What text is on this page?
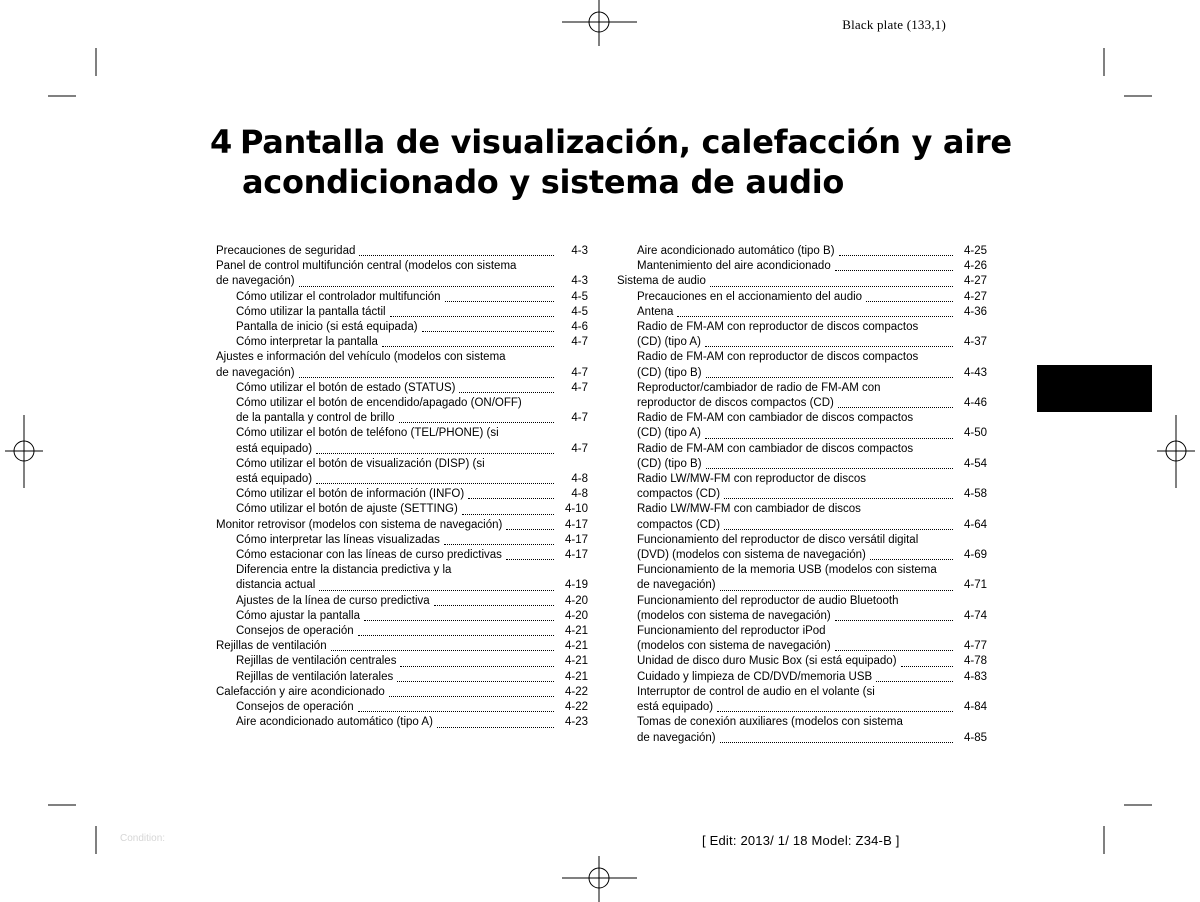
Black plate (133,1)
4 Pantalla de visualización, calefacción y aire
acondicionado y sistema de audio
Precauciones de seguridad	4-3
Panel de control multifunción central (modelos con sistema
de navegación)	4-3
Cómo utilizar el controlador multifunción	4-5
Cómo utilizar la pantalla táctil	4-5
Pantalla de inicio (si está equipada)	4-6
Cómo interpretar la pantalla	4-7
Ajustes e información del vehículo (modelos con sistema
de navegación)	4-7
Cómo utilizar el botón de estado (STATUS)	4-7
Cómo utilizar el botón de encendido/apagado (ON/OFF)
de la pantalla y control de brillo	4-7
Cómo utilizar el botón de teléfono (TEL/PHONE) (si
está equipado)	4-7
Cómo utilizar el botón de visualización (DISP) (si
está equipado)	4-8
Cómo utilizar el botón de información (INFO)	4-8
Cómo utilizar el botón de ajuste (SETTING)	4-10
Monitor retrovisor (modelos con sistema de navegación)	4-17
Cómo interpretar las líneas visualizadas	4-17
Cómo estacionar con las líneas de curso predictivas	4-17
Diferencia entre la distancia predictiva y la
distancia actual	4-19
Ajustes de la línea de curso predictiva	4-20
Cómo ajustar la pantalla	4-20
Consejos de operación	4-21
Rejillas de ventilación	4-21
Rejillas de ventilación centrales	4-21
Rejillas de ventilación laterales	4-21
Calefacción y aire acondicionado	4-22
Consejos de operación	4-22
Aire acondicionado automático (tipo A)	4-23
Aire acondicionado automático (tipo B)	4-25
Mantenimiento del aire acondicionado	4-26
Sistema de audio	4-27
Precauciones en el accionamiento del audio	4-27
Antena	4-36
Radio de FM-AM con reproductor de discos compactos
(CD) (tipo A)	4-37
Radio de FM-AM con reproductor de discos compactos
(CD) (tipo B)	4-43
Reproductor/cambiador de radio de FM-AM con
reproductor de discos compactos (CD)	4-46
Radio de FM-AM con cambiador de discos compactos
(CD) (tipo A)	4-50
Radio de FM-AM con cambiador de discos compactos
(CD) (tipo B)	4-54
Radio LW/MW-FM con reproductor de discos
compactos (CD)	4-58
Radio LW/MW-FM con cambiador de discos
compactos (CD)	4-64
Funcionamiento del reproductor de disco versátil digital
(DVD) (modelos con sistema de navegación)	4-69
Funcionamiento de la memoria USB (modelos con sistema
de navegación)	4-71
Funcionamiento del reproductor de audio Bluetooth
(modelos con sistema de navegación)	4-74
Funcionamiento del reproductor iPod
(modelos con sistema de navegación)	4-77
Unidad de disco duro Music Box (si está equipado)	4-78
Cuidado y limpieza de CD/DVD/memoria USB	4-83
Interruptor de control de audio en el volante (si
está equipado)	4-84
Tomas de conexión auxiliares (modelos con sistema
de navegación)	4-85
Condition:	[ Edit: 2013/ 1/ 18 Model: Z34-B ]
